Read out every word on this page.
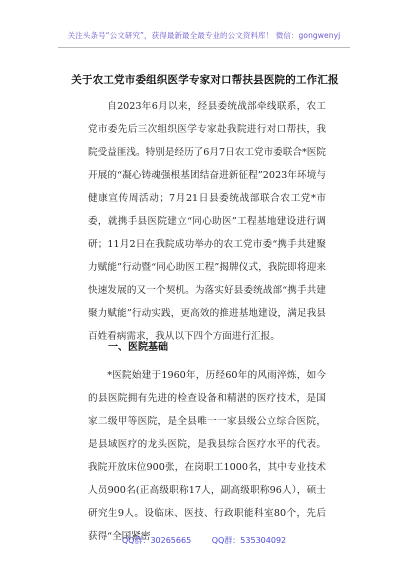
关注头条号“公文研究”，获得最新最全最专业的公文资料库！ 微信：gongwenyj
关于农工党市委组织医学专家对口帮扶县医院的工作汇报
自2023年6月以来，经县委统战部牵线联系，农工党市委先后三次组织医学专家赴我院进行对口帮扶，我院受益匪浅。特别是经历了6月7日农工党市委联合*医院开展的“凝心铸魂强根基团结奋进新征程”2023年环境与健康宣传周活动；7月21日县委统战部联合农工党*市委，就携手县医院建立“同心助医”工程基地建设进行调研；11月2日在我院成功举办的农工党市委“携手共建聚力赋能”行动暨“同心助医工程”揭牌仪式，我院即将迎来快速发展的又一个契机。为落实好县委统战部“携手共建聚力赋能”行动实践，更高效的推进基地建设，满足我县百姓看病需求，我从以下四个方面进行汇报。
一、医院基础
*医院始建于1960年，历经60年的风雨淬炼，如今的县医院拥有先进的检查设备和精湛的医疗技术，是国家二级甲等医院，是全县唯一一家县级公立综合医院，是县域医疗的龙头医院，是我县综合医疗水平的代表。我院开放床位900张，在岗职工1000名，其中专业技术人员900名(正高级职称17人，副高级职称96人），硕士研究生9人。设临床、医技、行政职能科室80个，先后获得“全国紧密
QQ群：30265665	QQ群：535304092
